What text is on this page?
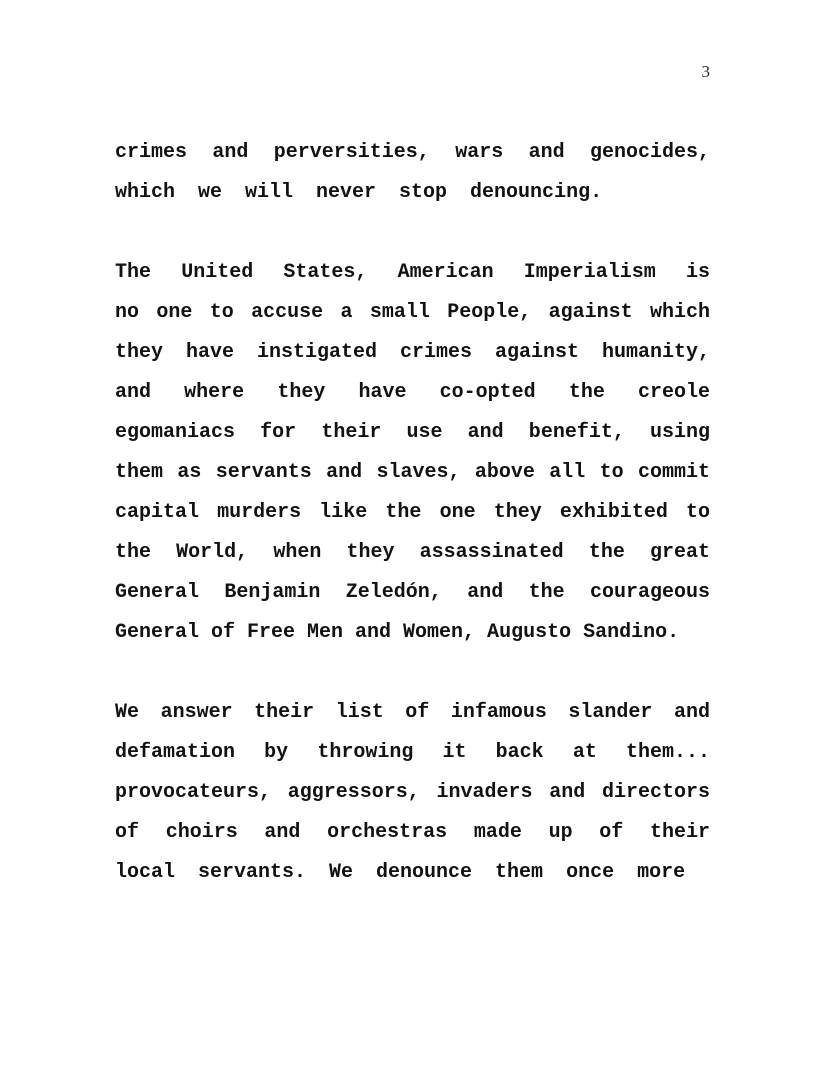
3
crimes and perversities, wars and genocides,
which we will never stop denouncing.
The United States, American Imperialism is
no one to accuse a small People, against which
they have instigated crimes against humanity,
and where they have co-opted the creole
egomaniacs for their use and benefit, using
them as servants and slaves, above all to commit
capital murders like the one they exhibited to
the World, when they assassinated the great
General Benjamin Zeledón, and the courageous
General of Free Men and Women, Augusto Sandino.
We answer their list of infamous slander and
defamation by throwing it back at them...
provocateurs, aggressors, invaders and directors
of choirs and orchestras made up of their
local servants. We denounce them once more
